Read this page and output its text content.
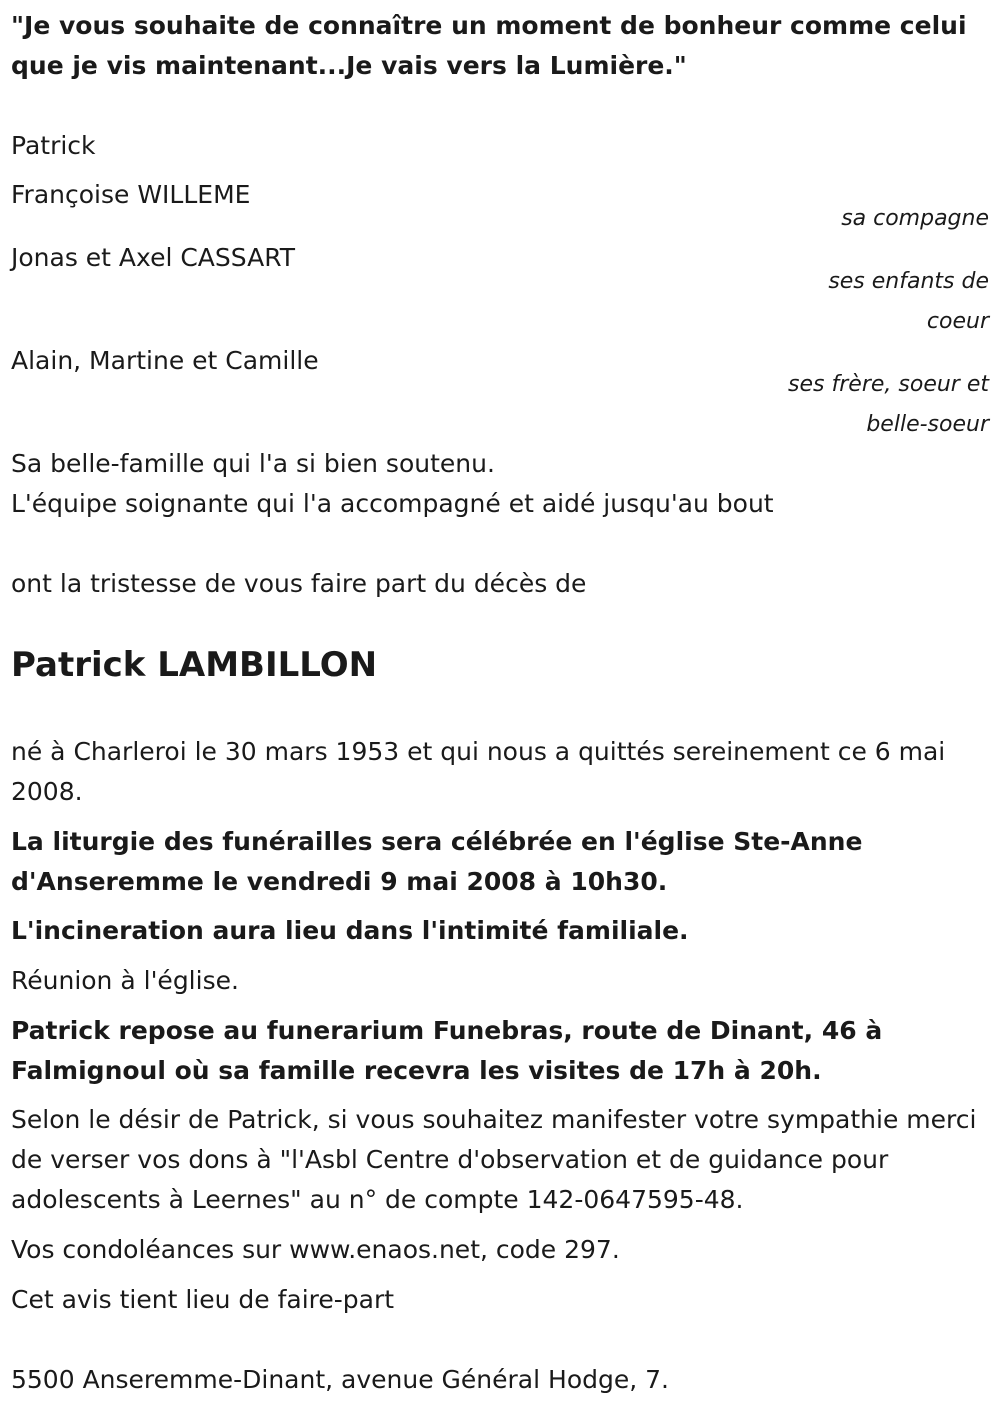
"Je vous souhaite de connaître un moment de bonheur comme celui que je vis maintenant...Je vais vers la Lumière."

Patrick

Françoise WILLEME

sa compagne

Jonas et Axel CASSART

ses enfants de coeur

Alain, Martine et Camille

ses frère, soeur et belle-soeur

Sa belle-famille qui l'a si bien soutenu.

L'équipe soignante qui l'a accompagné et aidé jusqu'au bout

ont la tristesse de vous faire part du décès de

Patrick LAMBILLON

né à Charleroi le 30 mars 1953 et qui nous a quittés sereinement ce 6 mai 2008.

La liturgie des funérailles sera célébrée en l'église Ste-Anne d'Anseremme le vendredi 9 mai 2008 à 10h30.

L'incineration aura lieu dans l'intimité familiale.

Réunion à l'église.

Patrick repose au funerarium Funebras, route de Dinant, 46 à Falmignoul où sa famille recevra les visites de 17h à 20h.

Selon le désir de Patrick, si vous souhaitez manifester votre sympathie merci de verser vos dons à "l'Asbl Centre d'observation et de guidance pour adolescents à Leernes" au n° de compte 142-0647595-48.

Vos condoléances sur www.enaos.net, code 297.

Cet avis tient lieu de faire-part

5500 Anseremme-Dinant, avenue Général Hodge, 7.
